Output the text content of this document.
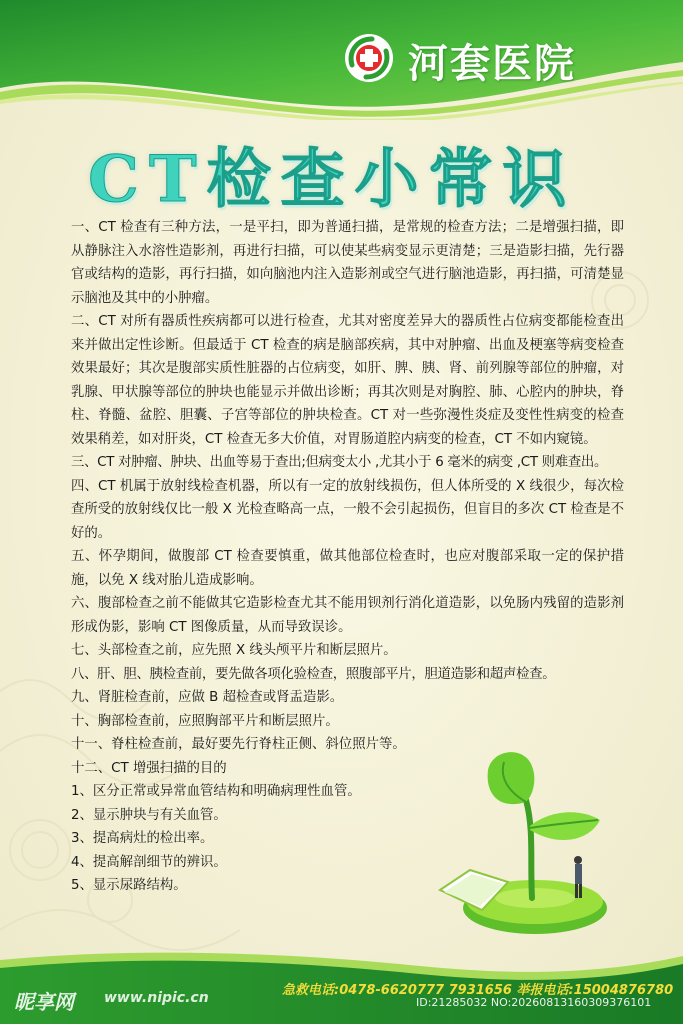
河套医院
CT检查小常识

一、CT 检查有三种方法，一是平扫，即为普通扫描，是常规的检查方法；二是增强扫描，即从静脉注入水溶性造影剂，再进行扫描，可以使某些病变显示更清楚；三是造影扫描，先行器官或结构的造影，再行扫描，如向脑池内注入造影剂或空气进行脑池造影，再扫描，可清楚显示脑池及其中的小肿瘤。

二、CT 对所有器质性疾病都可以进行检查，尤其对密度差异大的器质性占位病变都能检查出来并做出定性诊断。但最适于 CT 检查的病是脑部疾病，其中对肿瘤、出血及梗塞等病变检查效果最好；其次是腹部实质性脏器的占位病变，如肝、脾、胰、肾、前列腺等部位的肿瘤，对乳腺、甲状腺等部位的肿块也能显示并做出诊断；再其次则是对胸腔、肺、心腔内的肿块，脊柱、脊髓、盆腔、胆囊、子宫等部位的肿块检查。CT 对一些弥漫性炎症及变性性病变的检查效果稍差，如对肝炎，CT 检查无多大价值，对胃肠道腔内病变的检查，CT 不如内窥镜。

三、CT 对肿瘤、肿块、出血等易于查出;但病变太小 ,尤其小于 6 毫米的病变 ,CT 则难查出。

四、CT 机属于放射线检查机器，所以有一定的放射线损伤，但人体所受的 X 线很少，每次检查所受的放射线仅比一般 X 光检查略高一点，一般不会引起损伤，但盲目的多次 CT 检查是不好的。

五、怀孕期间，做腹部 CT 检查要慎重，做其他部位检查时，也应对腹部采取一定的保护措施，以免 X 线对胎儿造成影响。

六、腹部检查之前不能做其它造影检查尤其不能用钡剂行消化道造影，以免肠内残留的造影剂形成伪影，影响 CT 图像质量，从而导致误诊。

七、头部检查之前，应先照 X 线头颅平片和断层照片。

八、肝、胆、胰检查前，要先做各项化验检查，照腹部平片，胆道造影和超声检查。

九、肾脏检查前，应做 B 超检查或肾盂造影。

十、胸部检查前，应照胸部平片和断层照片。

十一、脊柱检查前，最好要先行脊柱正侧、斜位照片等。

十二、CT 增强扫描的目的

1、区分正常或异常血管结构和明确病理性血管。

2、显示肿块与有关血管。

3、提高病灶的检出率。

4、提高解剖细节的辨识。

5、显示尿路结构。

急救电话:0478-6620777 7931656 举报电话:15004876780
昵享网 www.nipic.cn	ID:21285032 NO:20260813160309376101
